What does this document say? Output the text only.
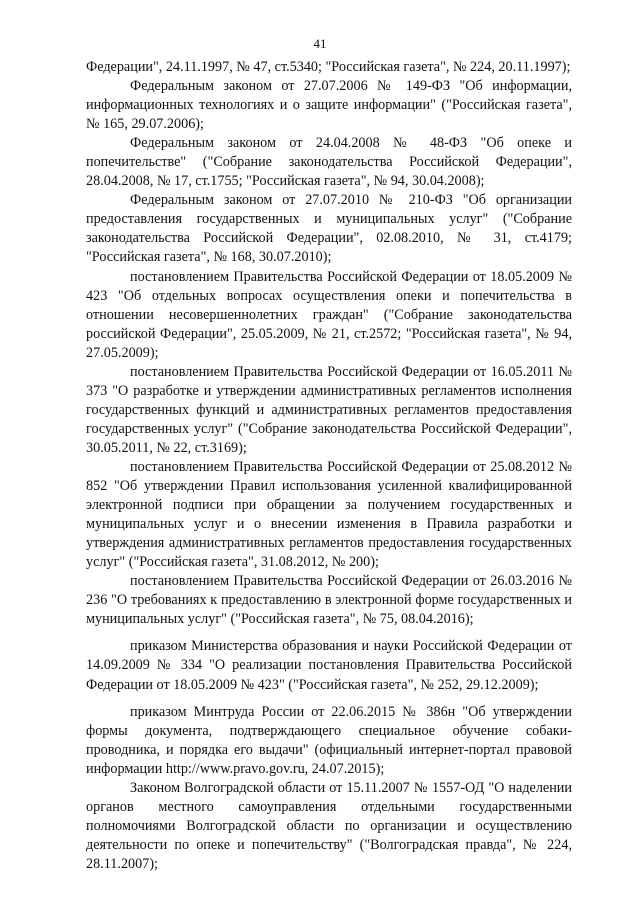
41

Федерации", 24.11.1997, № 47, ст.5340; "Российская газета", № 224, 20.11.1997);

Федеральным законом от 27.07.2006 № 149-ФЗ "Об информации, информационных технологиях и о защите информации" ("Российская газета", № 165, 29.07.2006);

Федеральным законом от 24.04.2008 № 48-ФЗ "Об опеке и попечительстве" ("Собрание законодательства Российской Федерации", 28.04.2008, № 17, ст.1755; "Российская газета", № 94, 30.04.2008);

Федеральным законом от 27.07.2010 № 210-ФЗ "Об организации предоставления государственных и муниципальных услуг" ("Собрание законодательства Российской Федерации", 02.08.2010, № 31, ст.4179; "Российская газета", № 168, 30.07.2010);

постановлением Правительства Российской Федерации от 18.05.2009 № 423 "Об отдельных вопросах осуществления опеки и попечительства в отношении несовершеннолетних граждан" ("Собрание законодательства российской Федерации", 25.05.2009, № 21, ст.2572; "Российская газета", № 94, 27.05.2009);

постановлением Правительства Российской Федерации от 16.05.2011 № 373 "О разработке и утверждении административных регламентов исполнения государственных функций и административных регламентов предоставления государственных услуг" ("Собрание законодательства Российской Федерации", 30.05.2011, № 22, ст.3169);

постановлением Правительства Российской Федерации от 25.08.2012 № 852 "Об утверждении Правил использования усиленной квалифицированной электронной подписи при обращении за получением государственных и муниципальных услуг и о внесении изменения в Правила разработки и утверждения административных регламентов предоставления государственных услуг" ("Российская газета", 31.08.2012, № 200);

постановлением Правительства Российской Федерации от 26.03.2016 № 236 "О требованиях к предоставлению в электронной форме государственных и муниципальных услуг" ("Российская газета", № 75, 08.04.2016);

приказом Министерства образования и науки Российской Федерации от 14.09.2009 № 334 "О реализации постановления Правительства Российской Федерации от 18.05.2009 № 423" ("Российская газета", № 252, 29.12.2009);

приказом Минтруда России от 22.06.2015 № 386н "Об утверждении формы документа, подтверждающего специальное обучение собаки-проводника, и порядка его выдачи" (официальный интернет-портал правовой информации http://www.pravo.gov.ru, 24.07.2015);

Законом Волгоградской области от 15.11.2007 № 1557-ОД "О наделении органов местного самоуправления отдельными государственными полномочиями Волгоградской области по организации и осуществлению деятельности по опеке и попечительству" ("Волгоградская правда", № 224, 28.11.2007);
